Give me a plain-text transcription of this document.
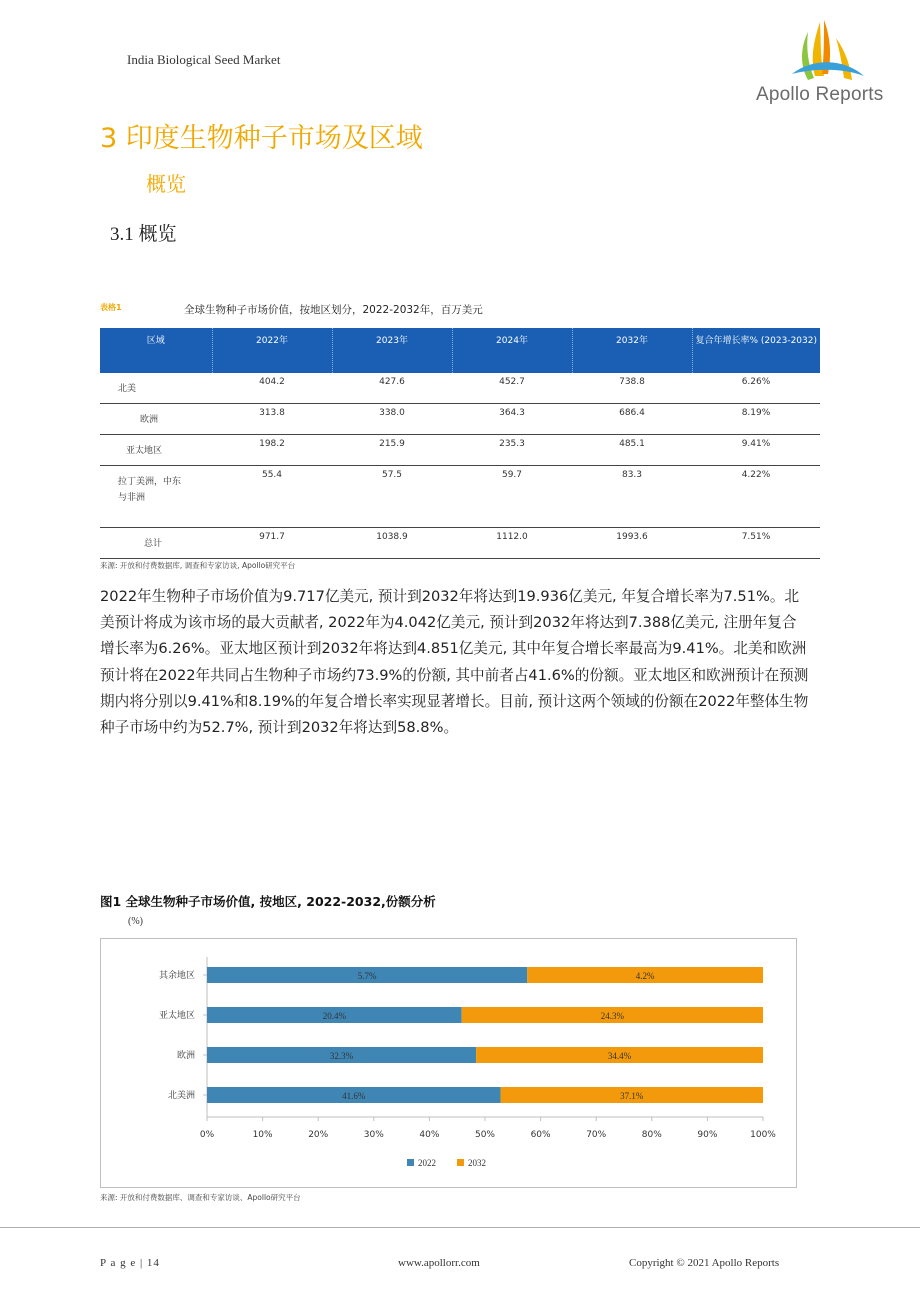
India Biological Seed Market
Apollo Reports
3 印度生物种子市场及区域
概览
3.1 概览
表格1	全球生物种子市场价值，按地区划分，2022-2032年，百万美元
区域	2022年	2023年	2024年	2032年	复合年增长率% (2023-2032)
北美	404.2	427.6	452.7	738.8	6.26%
欧洲	313.8	338.0	364.3	686.4	8.19%
亚太地区	198.2	215.9	235.3	485.1	9.41%
拉丁美洲，中东与非洲	55.4	57.5	59.7	83.3	4.22%
总计	971.7	1038.9	1112.0	1993.6	7.51%
来源: 开放和付费数据库, 调查和专家访谈, Apollo研究平台
2022年生物种子市场价值为9.717亿美元, 预计到2032年将达到19.936亿美元, 年复合增长率为7.51%。北美预计将成为该市场的最大贡献者, 2022年为4.042亿美元, 预计到2032年将达到7.388亿美元, 注册年复合增长率为6.26%。亚太地区预计到2032年将达到4.851亿美元, 其中年复合增长率最高为9.41%。北美和欧洲预计将在2022年共同占生物种子市场约73.9%的份额, 其中前者占41.6%的份额。亚太地区和欧洲预计在预测期内将分别以9.41%和8.19%的年复合增长率实现显著增长。目前, 预计这两个领域的份额在2022年整体生物种子市场中约为52.7%, 预计到2032年将达到58.8%。
图1 全球生物种子市场价值, 按地区, 2022-2032,份额分析
(%)
0%	10%	20%	30%	40%	50%	60%	70%	80%	90%	100%
其余地区	5.7%	4.2%
亚太地区	20.4%	24.3%
欧洲	32.3%	34.4%
北美洲	41.6%	37.1%
2022	2032
来源: 开放和付费数据库、调查和专家访谈、Apollo研究平台
P a g e | 14	www.apollorr.com	Copyright © 2021 Apollo Reports
